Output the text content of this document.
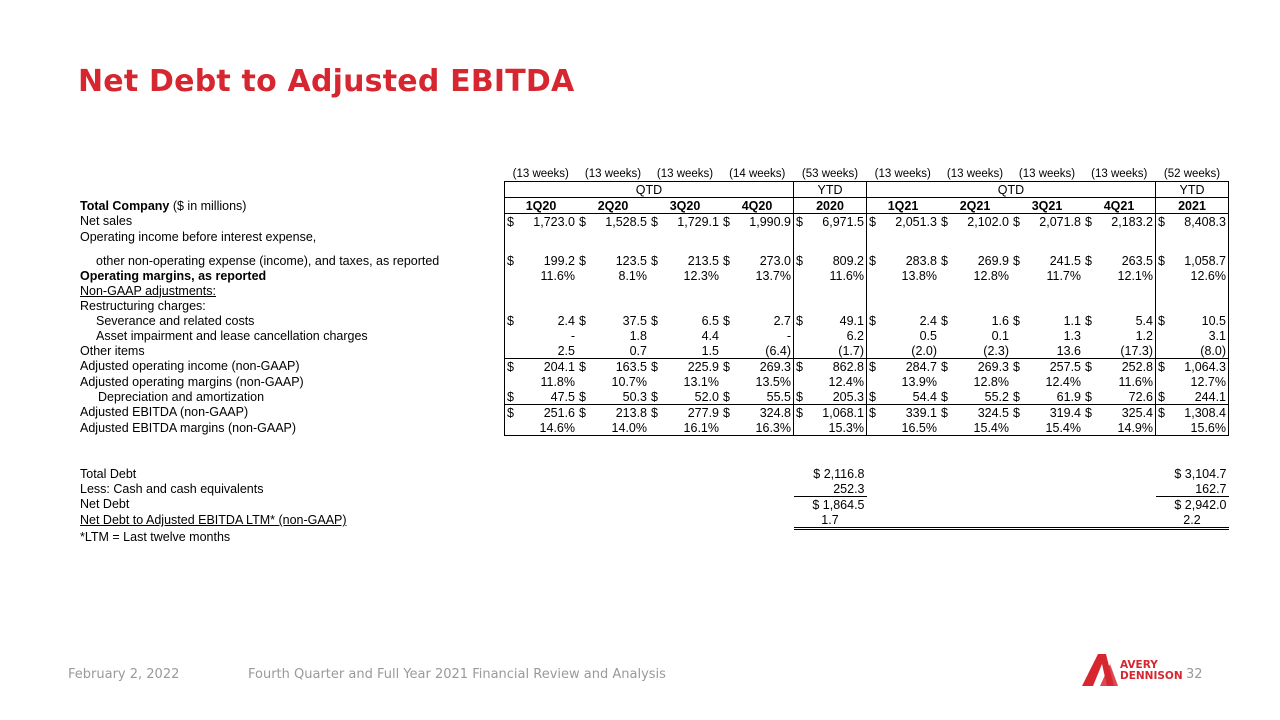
Net Debt to Adjusted EBITDA
	(13 weeks)		(13 weeks)		(13 weeks)		(14 weeks)		(53 weeks)		(13 weeks)		(13 weeks)		(13 weeks)		(13 weeks)		(52 weeks)	
	QTD								YTD		QTD								YTD	
Total Company ($ in millions)	1Q20		2Q20		3Q20		4Q20		2020		1Q21		2Q21		3Q21		4Q21		2021	
Net sales	$	1,723.0	$	1,528.5	$	1,729.1	$	1,990.9	$	6,971.5	$	2,051.3	$	2,102.0	$	2,071.8	$	2,183.2	$	8,408.3
Operating income before interest expense,																				
other non-operating expense (income), and taxes, as reported	$	199.2	$	123.5	$	213.5	$	273.0	$	809.2	$	283.8	$	269.9	$	241.5	$	263.5	$	1,058.7
Operating margins, as reported		11.6%		8.1%		12.3%		13.7%		11.6%		13.8%		12.8%		11.7%		12.1%		12.6%
Non-GAAP adjustments:																				
Restructuring charges:																				
Severance and related costs	$	2.4	$	37.5	$	6.5	$	2.7	$	49.1	$	2.4	$	1.6	$	1.1	$	5.4	$	10.5
Asset impairment and lease cancellation charges		-		1.8		4.4		-		6.2		0.5		0.1		1.3		1.2		3.1
Other items		2.5		0.7		1.5		(6.4)		(1.7)		(2.0)		(2.3)		13.6		(17.3)		(8.0)
Adjusted operating income (non-GAAP)	$	204.1	$	163.5	$	225.9	$	269.3	$	862.8	$	284.7	$	269.3	$	257.5	$	252.8	$	1,064.3
Adjusted operating margins (non-GAAP)		11.8%		10.7%		13.1%		13.5%		12.4%		13.9%		12.8%		12.4%		11.6%		12.7%
Depreciation and amortization	$	47.5	$	50.3	$	52.0	$	55.5	$	205.3	$	54.4	$	55.2	$	61.9	$	72.6	$	244.1
Adjusted EBITDA (non-GAAP)	$	251.6	$	213.8	$	277.9	$	324.8	$	1,068.1	$	339.1	$	324.5	$	319.4	$	325.4	$	1,308.4
Adjusted EBITDA margins (non-GAAP)		14.6%		14.0%		16.1%		16.3%		15.3%		16.5%		15.4%		15.4%		14.9%		15.6%

Total Debt									$ 2,116.8										$ 3,104.7	
Less: Cash and cash equivalents									252.3										162.7	
Net Debt									$ 1,864.5										$ 2,942.0	
Net Debt to Adjusted EBITDA LTM* (non-GAAP)									1.7										2.2	
*LTM = Last twelve months																				
February 2, 2022	Fourth Quarter and Full Year 2021 Financial Review and Analysis	32
AVERY
DENNISON
